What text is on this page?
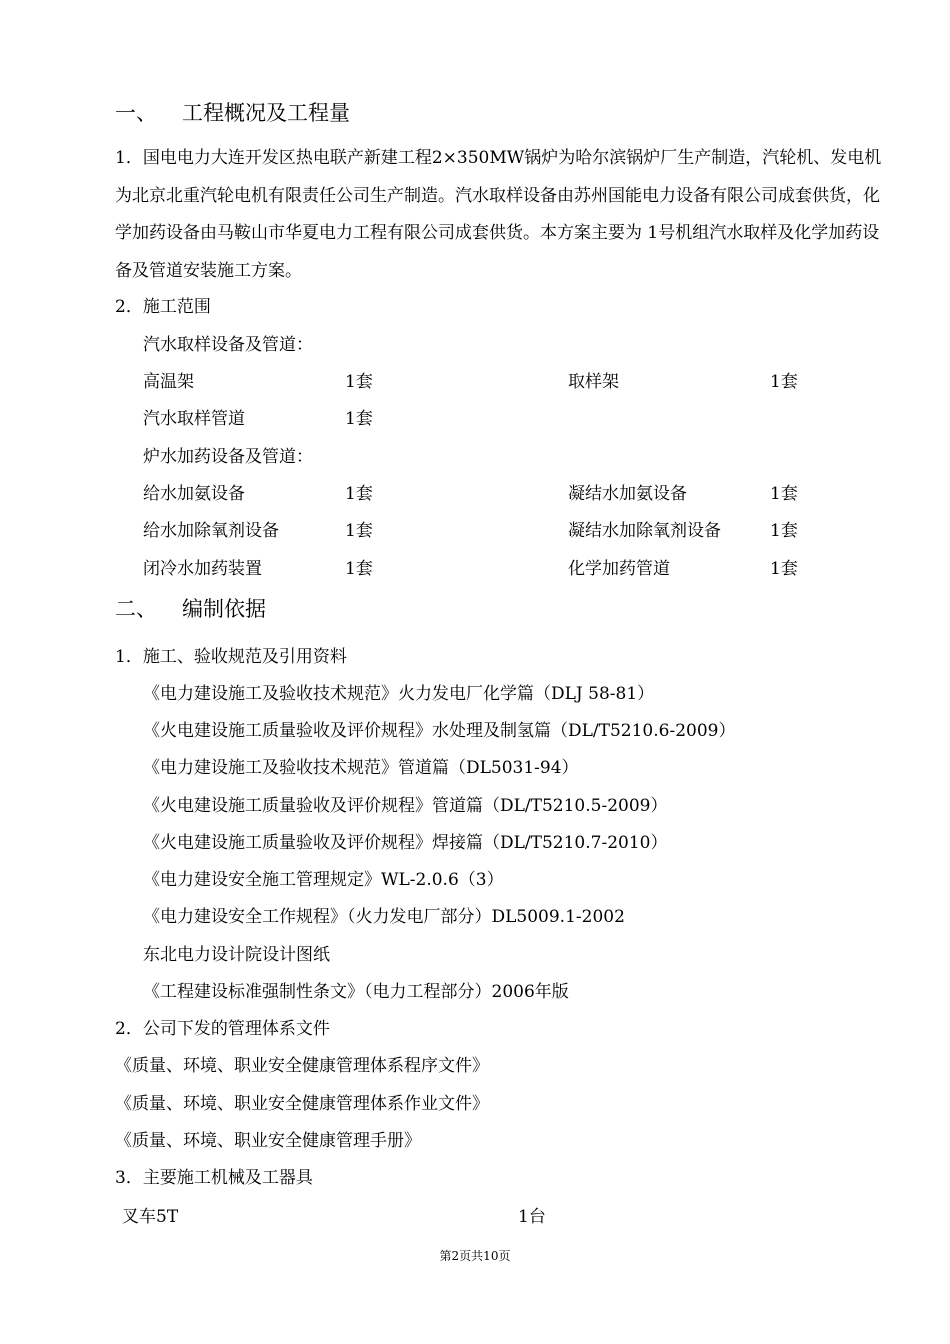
一、 工程概况及工程量
1．国电电力大连开发区热电联产新建工程2×350MW锅炉为哈尔滨锅炉厂生产制造，汽轮机、发电机为北京北重汽轮电机有限责任公司生产制造。汽水取样设备由苏州国能电力设备有限公司成套供货，化学加药设备由马鞍山市华夏电力工程有限公司成套供货。本方案主要为 1号机组汽水取样及化学加药设备及管道安装施工方案。
2．施工范围
汽水取样设备及管道：
高温架	1套	取样架	1套
汽水取样管道	1套
炉水加药设备及管道：
给水加氨设备	1套	凝结水加氨设备	1套
给水加除氧剂设备	1套	凝结水加除氧剂设备	1套
闭冷水加药装置	1套	化学加药管道	1套
二、 编制依据
1．施工、验收规范及引用资料
《电力建设施工及验收技术规范》火力发电厂化学篇（DLJ 58-81）
《火电建设施工质量验收及评价规程》水处理及制氢篇（DL/T5210.6-2009）
《电力建设施工及验收技术规范》管道篇（DL5031-94）
《火电建设施工质量验收及评价规程》管道篇（DL/T5210.5-2009）
《火电建设施工质量验收及评价规程》焊接篇（DL/T5210.7-2010）
《电力建设安全施工管理规定》WL-2.0.6（3）
《电力建设安全工作规程》（火力发电厂部分）DL5009.1-2002
东北电力设计院设计图纸
《工程建设标准强制性条文》（电力工程部分）2006年版
2．公司下发的管理体系文件
《质量、环境、职业安全健康管理体系程序文件》
《质量、环境、职业安全健康管理体系作业文件》
《质量、环境、职业安全健康管理手册》
3．主要施工机械及工器具
叉车5T	1台
第2页共10页
